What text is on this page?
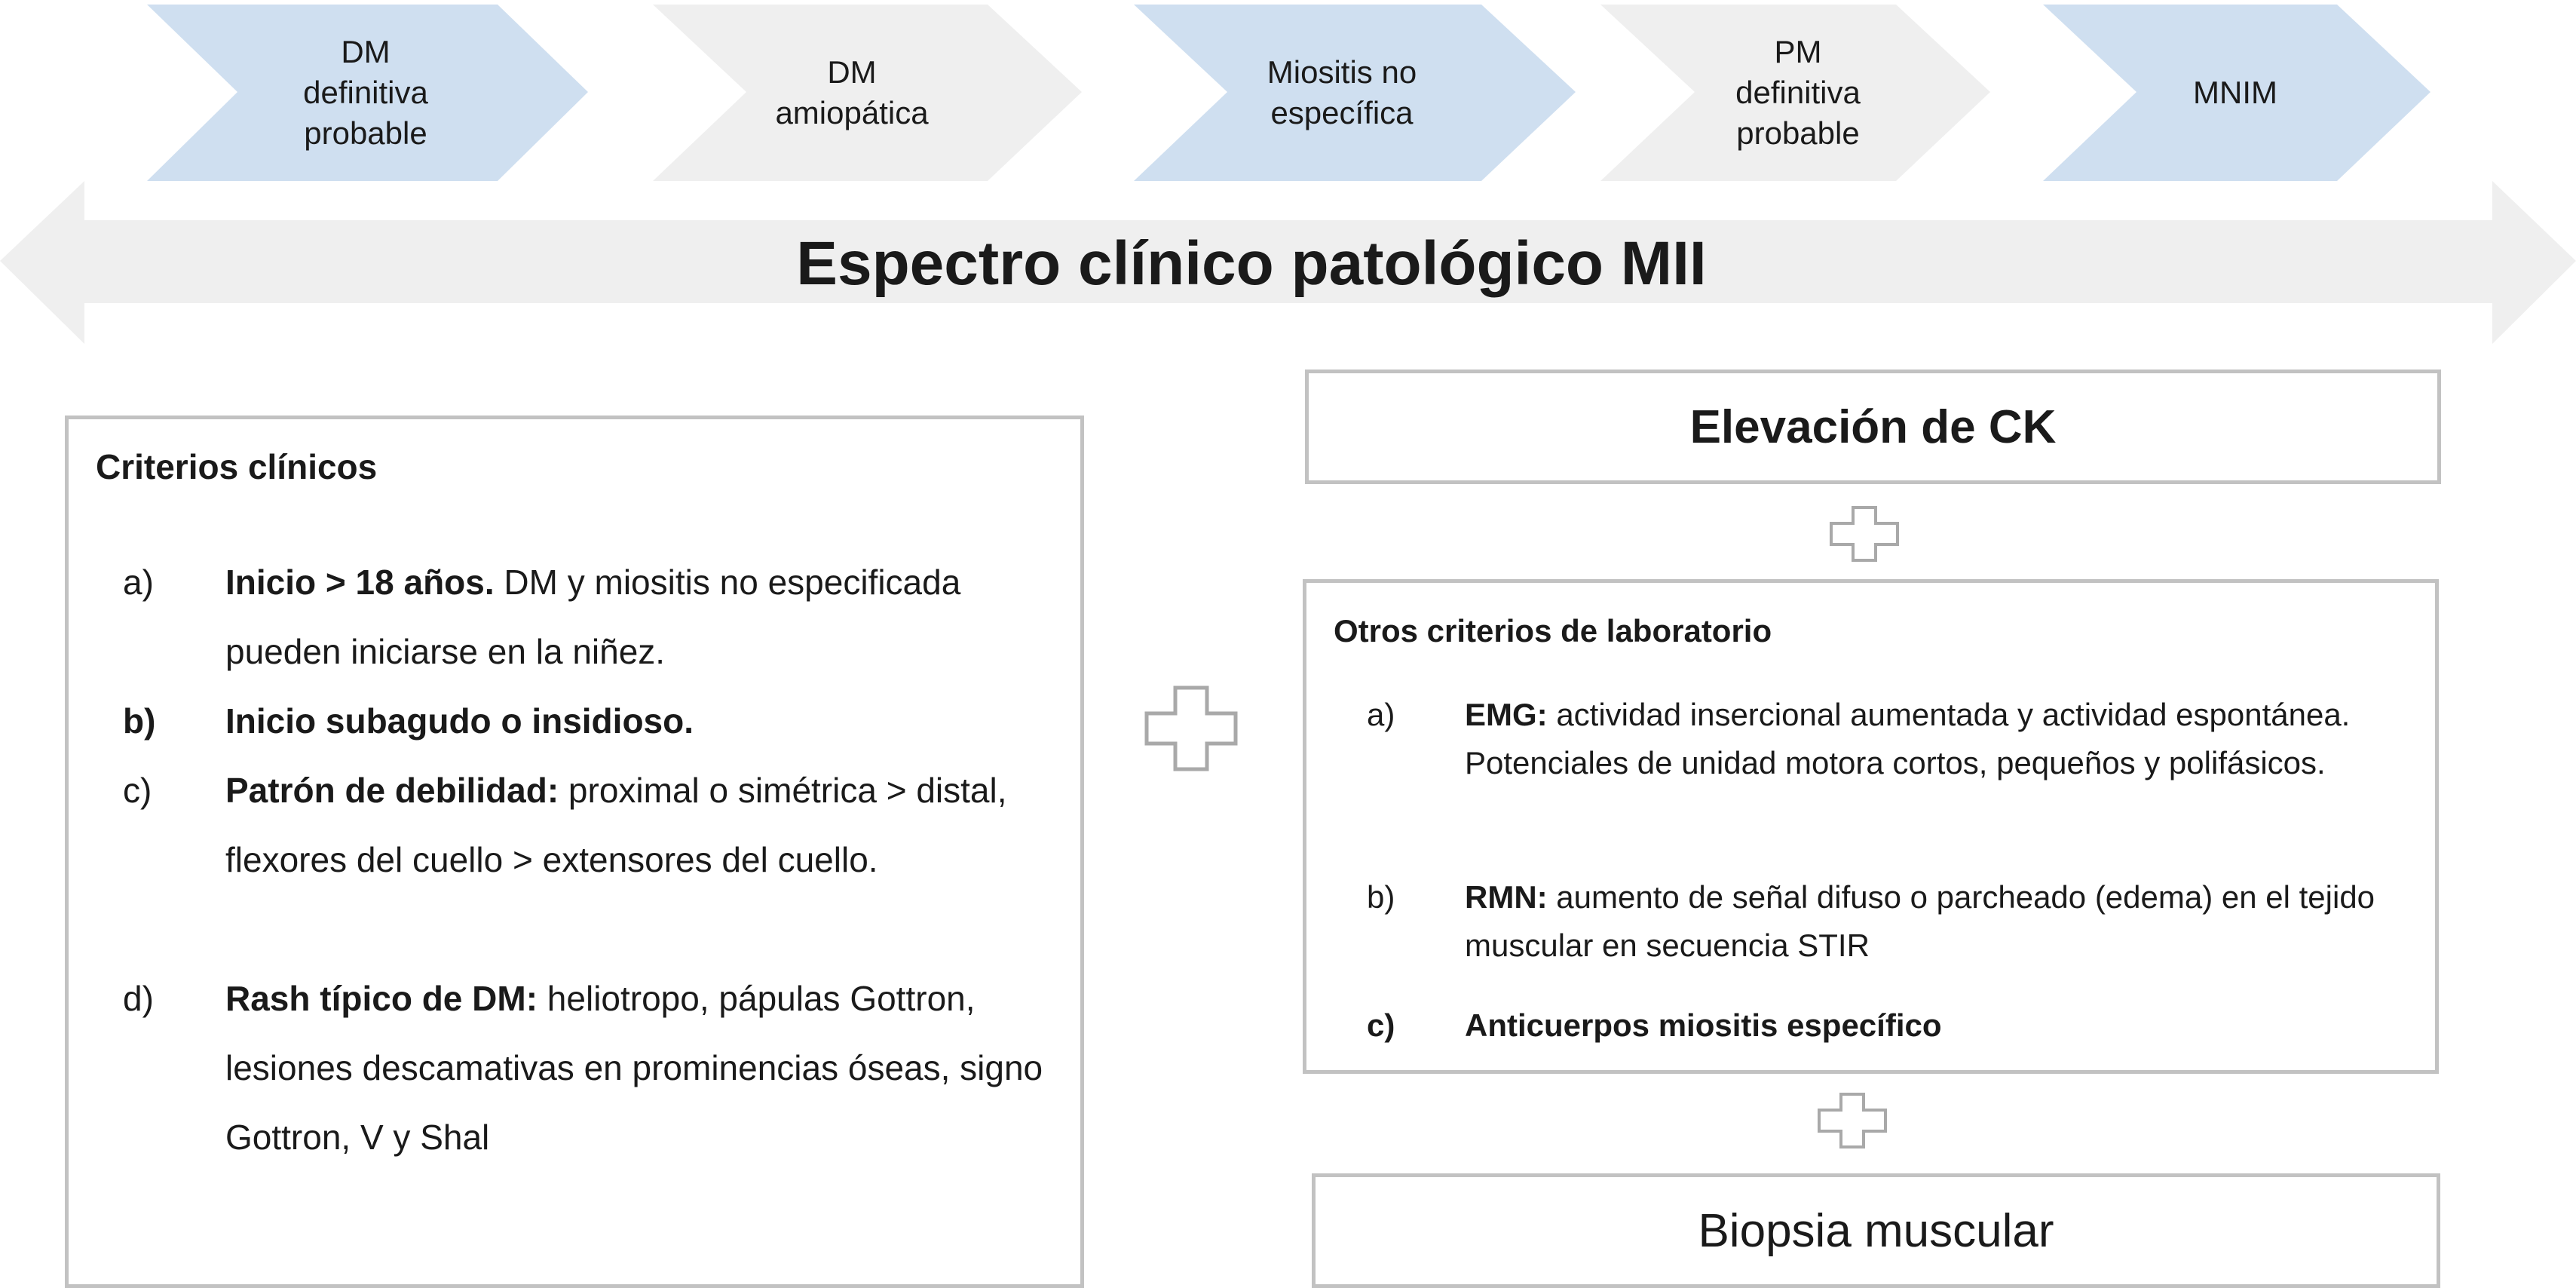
DM
definitiva
probable
DM
amiopática
Miositis no
específica
PM
definitiva
probable
MNIM
Espectro clínico patológico MII
Criterios clínicos
a) Inicio > 18 años. DM y miositis no especificada pueden iniciarse en la niñez.
b) Inicio subagudo o insidioso.
c) Patrón de debilidad: proximal o simétrica > distal, flexores del cuello > extensores del cuello.
d) Rash típico de DM: heliotropo, pápulas Gottron, lesiones descamativas en prominencias óseas, signo Gottron, V y Shal
Elevación de CK
Otros criterios de laboratorio
a) EMG: actividad insercional aumentada y actividad espontánea. Potenciales de unidad motora cortos, pequeños y polifásicos.
b) RMN: aumento de señal difuso o parcheado (edema) en el tejido muscular en secuencia STIR
c) Anticuerpos miositis específico
Biopsia muscular
